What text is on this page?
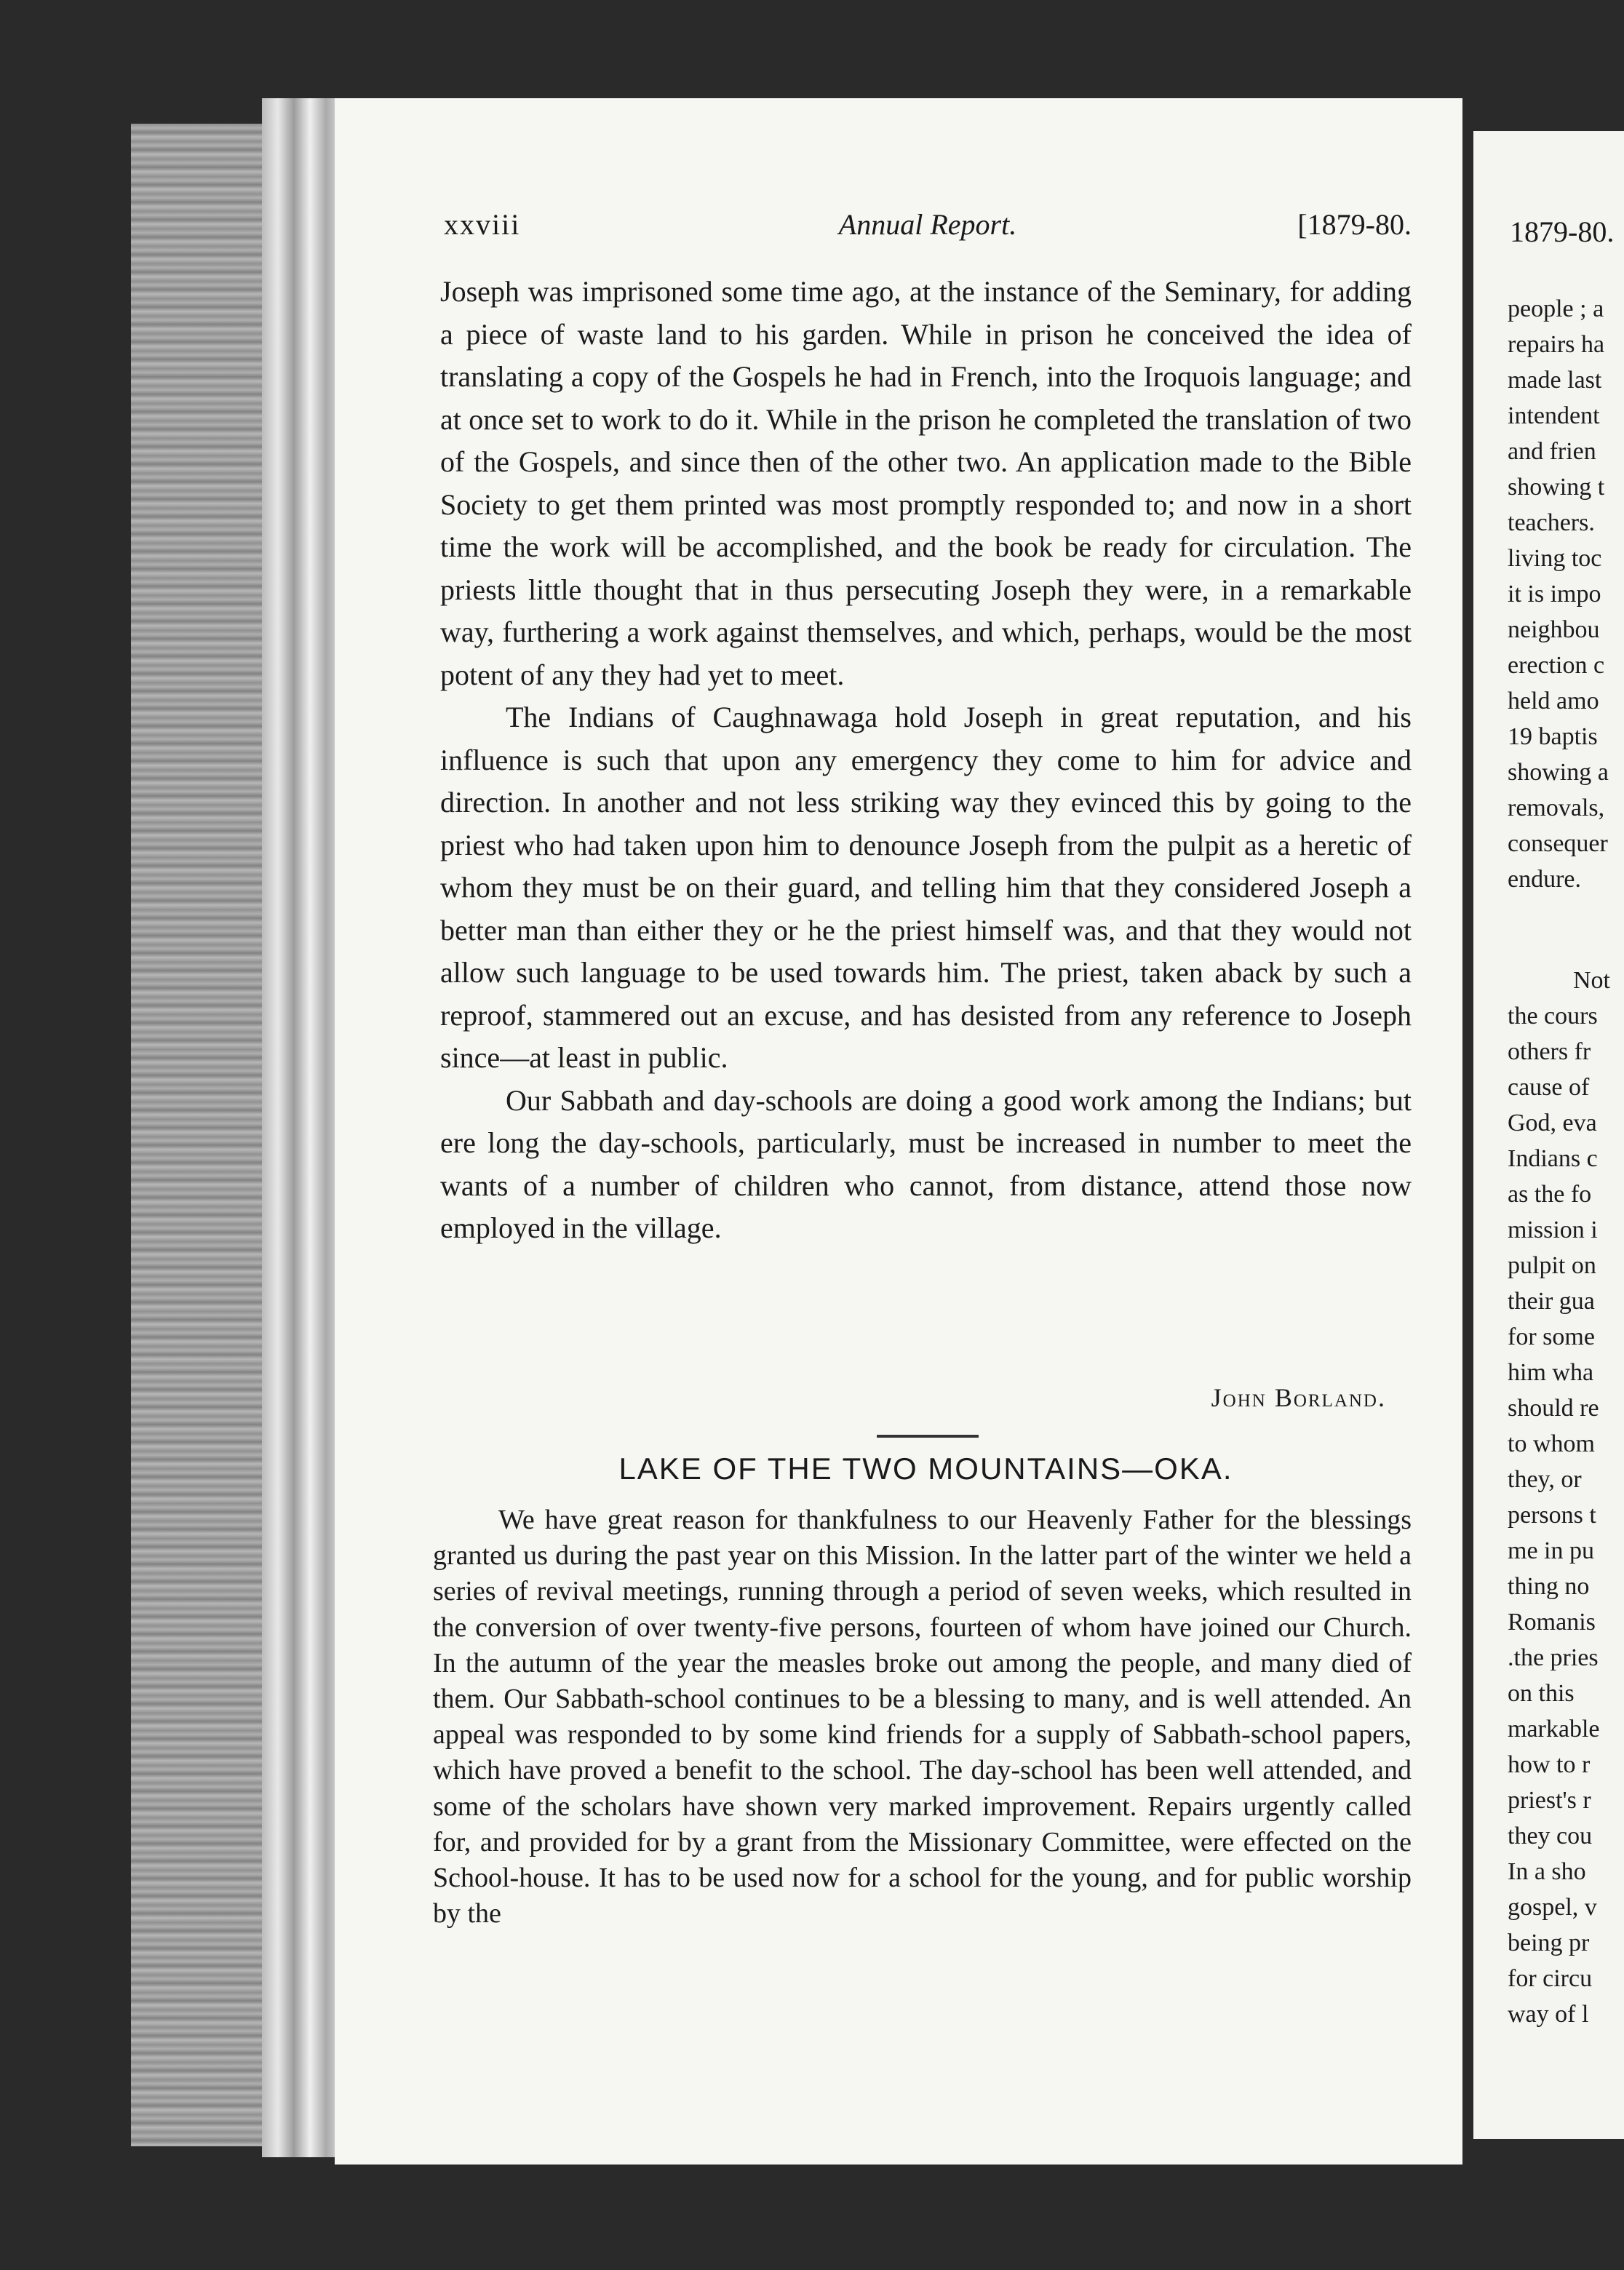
xxviii	Annual Report.	[1879-80.

Joseph was imprisoned some time ago, at the instance of the Seminary, for adding a piece of waste land to his garden. While in prison he conceived the idea of translating a copy of the Gospels he had in French, into the Iroquois language; and at once set to work to do it. While in the prison he completed the translation of two of the Gospels, and since then of the other two. An application made to the Bible Society to get them printed was most promptly responded to; and now in a short time the work will be accomplished, and the book be ready for circulation. The priests little thought that in thus persecuting Joseph they were, in a remarkable way, furthering a work against themselves, and which, perhaps, would be the most potent of any they had yet to meet.

The Indians of Caughnawaga hold Joseph in great reputation, and his influence is such that upon any emergency they come to him for advice and direction. In another and not less striking way they evinced this by going to the priest who had taken upon him to denounce Joseph from the pulpit as a heretic of whom they must be on their guard, and telling him that they considered Joseph a better man than either they or he the priest himself was, and that they would not allow such language to be used towards him. The priest, taken aback by such a reproof, stammered out an excuse, and has desisted from any reference to Joseph since—at least in public.

Our Sabbath and day-schools are doing a good work among the Indians; but ere long the day-schools, particularly, must be increased in number to meet the wants of a number of children who cannot, from distance, attend those now employed in the village.

John Borland.
LAKE OF THE TWO MOUNTAINS—OKA.

We have great reason for thankfulness to our Heavenly Father for the blessings granted us during the past year on this Mission. In the latter part of the winter we held a series of revival meetings, running through a period of seven weeks, which resulted in the conversion of over twenty-five persons, fourteen of whom have joined our Church. In the autumn of the year the measles broke out among the people, and many died of them. Our Sabbath-school continues to be a blessing to many, and is well attended. An appeal was responded to by some kind friends for a supply of Sabbath-school papers, which have proved a benefit to the school. The day-school has been well attended, and some of the scholars have shown very marked improvement. Repairs urgently called for, and provided for by a grant from the Missionary Committee, were effected on the School-house. It has to be used now for a school for the young, and for public worship by the

1879-80.
people ; a
repairs ha
made last
intendent
and frien
showing t
teachers.
living toc
it is impo
neighbou
erection c
held amo
19 baptis
showing a
removals,
consequer
endure.
Not
the cours
others fr
cause of
God, eva
Indians c
as the fo
mission i
pulpit on
their gua
for some
him wha
should re
to whom
they, or
persons t
me in pu
thing no
Romanis
.the pries
on this
markable
how to r
priest's r
they cou
In a sho
gospel, v
being pr
for circu
way of l
